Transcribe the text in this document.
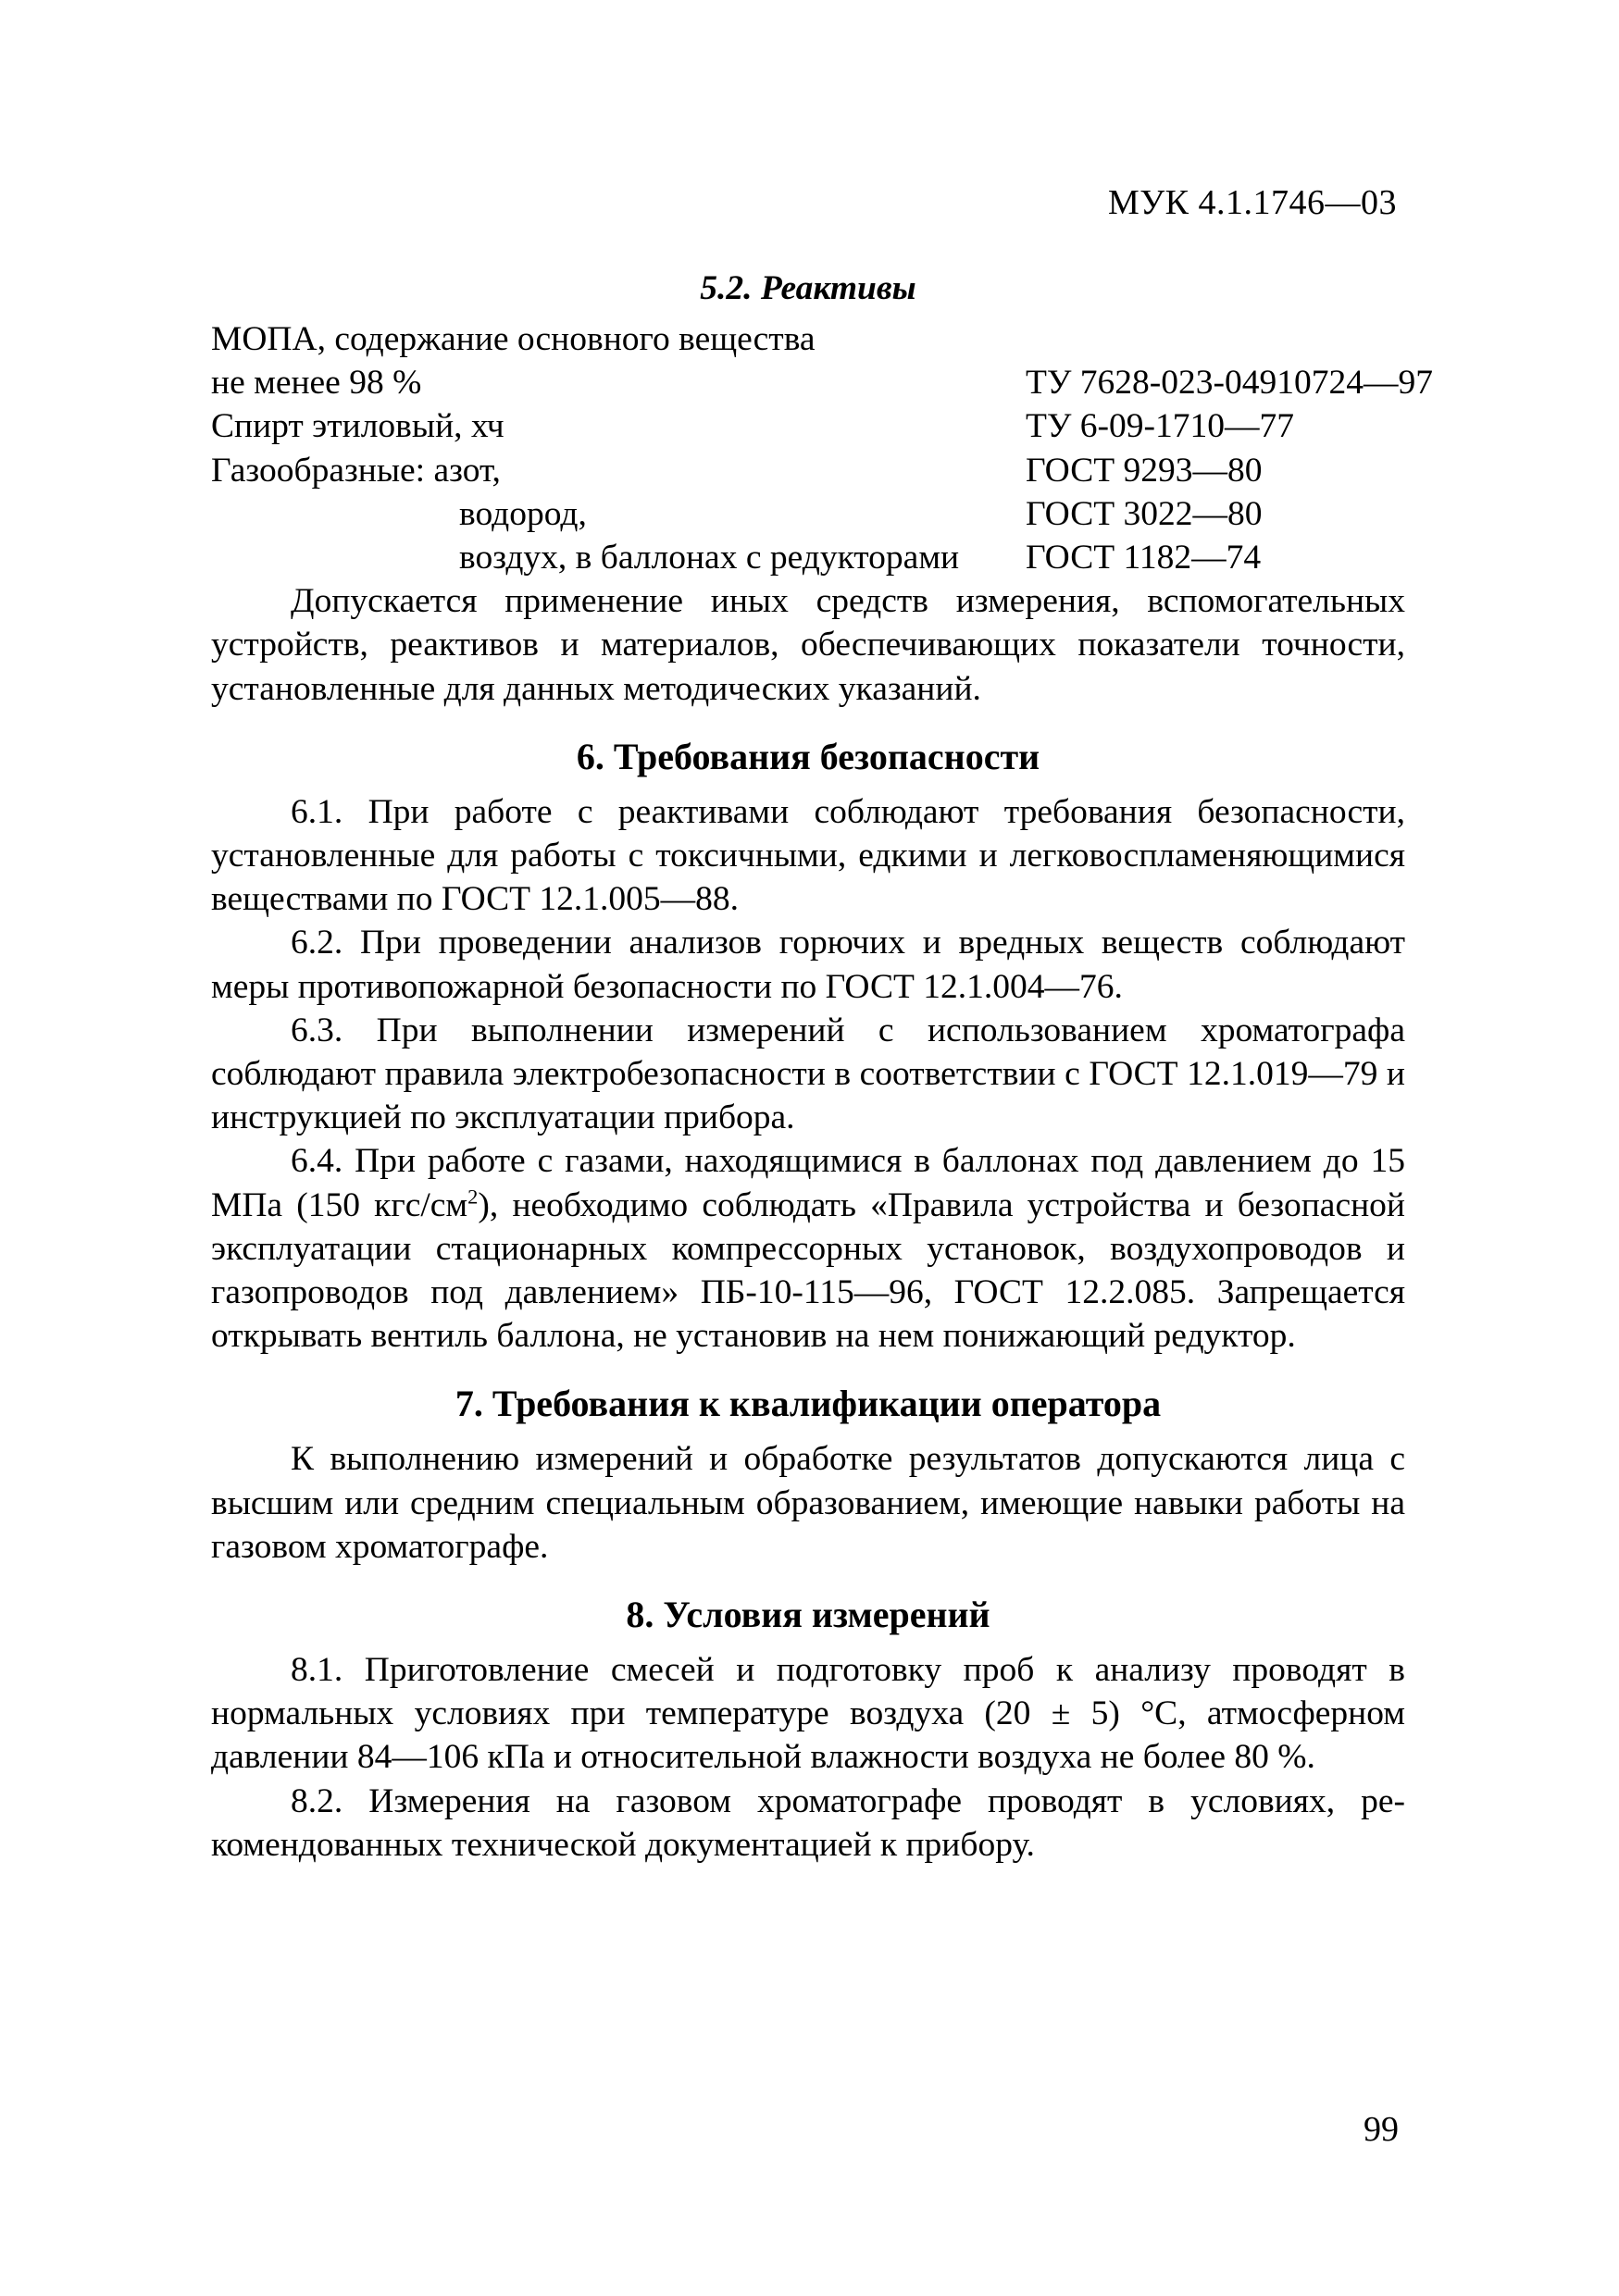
МУК 4.1.1746—03
5.2. Реактивы
МОПА, содержание основного вещества	
не менее 98 %	ТУ 7628-023-04910724—97
Спирт этиловый, хч	ТУ 6-09-1710—77
Газообразные: азот,	ГОСТ 9293—80
водород,	ГОСТ 3022—80
воздух, в баллонах с редукторами	ГОСТ 1182—74

Допускается применение иных средств измерения, вспомогательных устройств, реактивов и материалов, обеспечивающих показатели точности, установленные для данных методических указаний.

6. Требования безопасности

6.1. При работе с реактивами соблюдают требования безопасности, установленные для работы с токсичными, едкими и легковоспламеняющимися веществами по ГОСТ 12.1.005—88.

6.2. При проведении анализов горючих и вредных веществ соблюдают меры противопожарной безопасности по ГОСТ 12.1.004—76.

6.3. При выполнении измерений с использованием хроматографа соблюдают правила электробезопасности в соответствии с ГОСТ 12.1.019—79 и инструкцией по эксплуатации прибора.

6.4. При работе с газами, находящимися в баллонах под давлением до 15 МПа (150 кгс/$см^2$), необходимо соблюдать «Правила устройства и безопасной эксплуатации стационарных компрессорных установок, воздухопроводов и газопроводов под давлением» ПБ-10-115—96, ГОСТ 12.2.085. Запрещается открывать вентиль баллона, не установив на нем понижающий редуктор.

7. Требования к квалификации оператора

К выполнению измерений и обработке результатов допускаются лица с высшим или средним специальным образованием, имеющие навыки работы на газовом хроматографе.

8. Условия измерений

8.1. Приготовление смесей и подготовку проб к анализу проводят в нормальных условиях при температуре воздуха (20 ± 5) °С, атмосферном давлении 84—106 кПа и относительной влажности воздуха не более 80 %.

8.2. Измерения на газовом хроматографе проводят в условиях, рекомендованных технической документацией к прибору.

99
